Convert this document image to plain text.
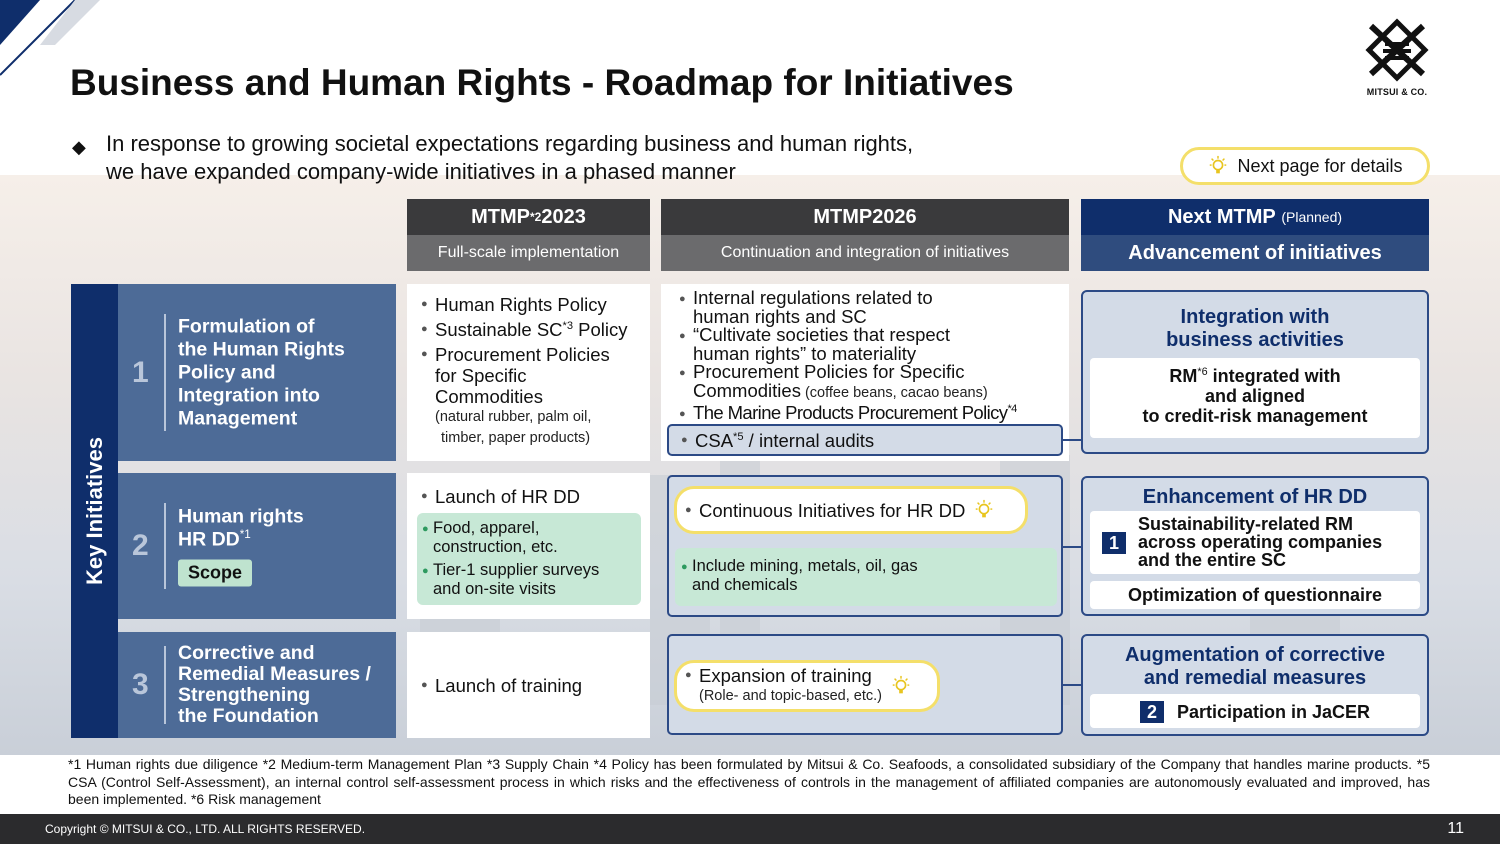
MITSUI & CO.
Business and Human Rights - Roadmap for Initiatives
◆ In response to growing societal expectations regarding business and human rights,
we have expanded company-wide initiatives in a phased manner	Next page for details
MTMP *2 2023
Full-scale implementation
MTMP2026
Continuation and integration of initiatives
Next MTMP
(Planned)
Advancement of initiatives
Key Initiatives
1
Formulation of
the Human Rights
Policy and
Integration into
Management
2
Human rights
HR DD$^{*1}$
Scope
3
Corrective and
Remedial Measures /
Strengthening
the Foundation
● Human Rights Policy
● Sustainable SC$^{*3}$ Policy
● Procurement Policies
for Specific
Commodities
(natural rubber, palm oil,
timber, paper products)
● Launch of HR DD
● Food, apparel,
construction, etc.
● Tier-1 supplier surveys
and on-site visits
● Launch of training
● Internal regulations related to
human rights and SC
● “Cultivate societies that respect
human rights” to materiality
● Procurement Policies for Specific
Commodities (coffee beans, cacao beans)
● The Marine Products Procurement Policy$^{*4}$
● CSA$^{*5}$ / internal audits
● Continuous Initiatives for HR DD
● Include mining, metals, oil, gas
and chemicals
● Expansion of training
(Role- and topic-based, etc.)
Integration with
business activities
RM$^{*6}$ integrated with
and aligned
to credit-risk management
Enhancement of HR DD
1
Sustainability-related RM
across operating companies
and the entire SC
Optimization of questionnaire
Augmentation of corrective
and remedial measures
2 Participation in JaCER
*1 Human rights due diligence *2 Medium-term Management Plan *3 Supply Chain *4 Policy has been formulated by Mitsui & Co. Seafoods, a consolidated subsidiary of the Company that handles marine products. *5 CSA (Control Self-Assessment), an internal control self-assessment process in which risks and the effectiveness of controls in the management of affiliated companies are autonomously evaluated and improved, has been implemented. *6 Risk management
Copyright © MITSUI & CO., LTD. ALL RIGHTS RESERVED.	11
